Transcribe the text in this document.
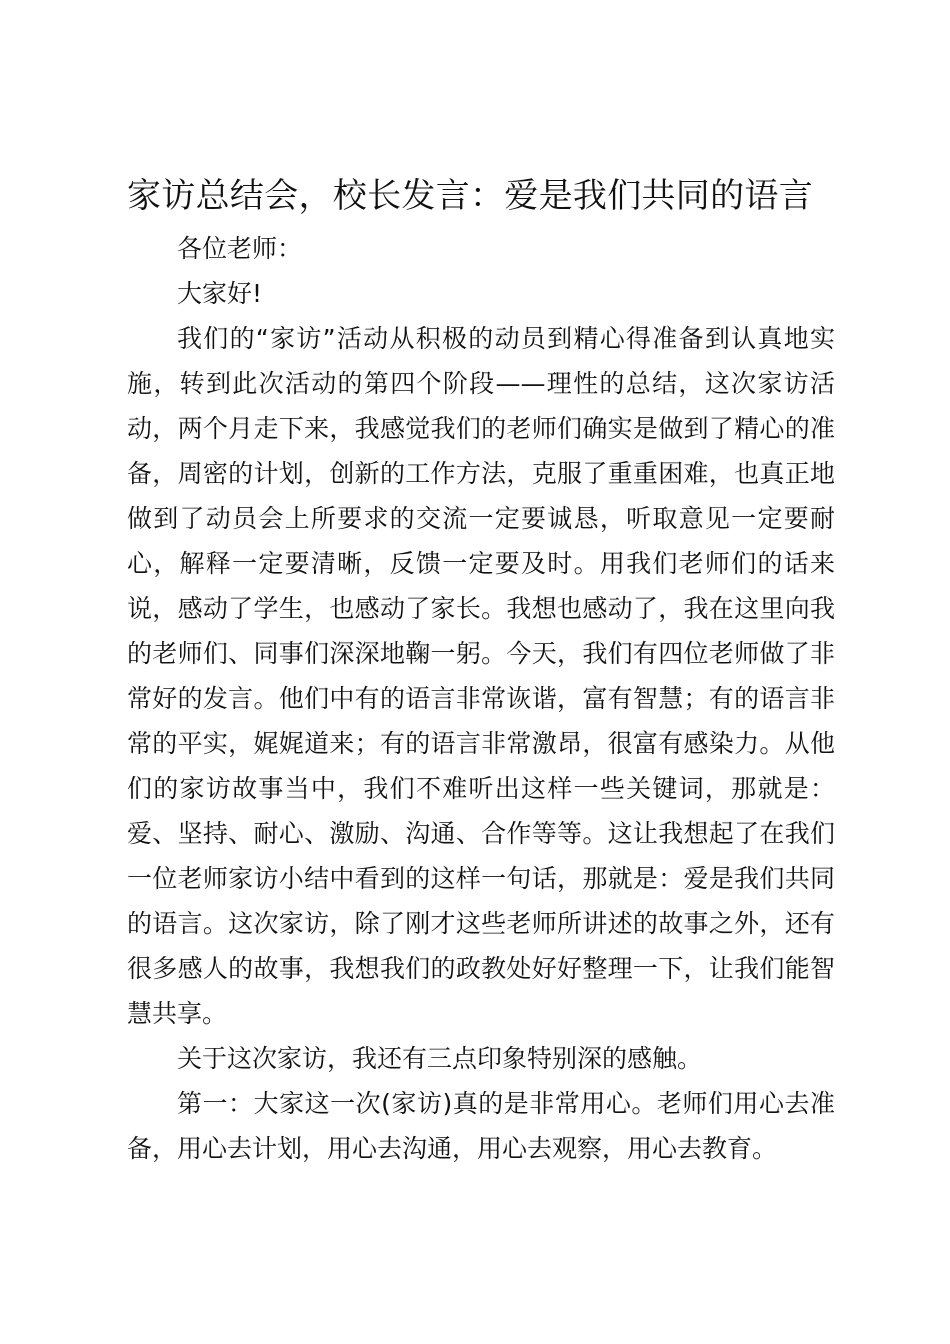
家访总结会，校长发言：爱是我们共同的语言

各位老师：

大家好!

我们的“家访”活动从积极的动员到精心得准备到认真地实施，转到此次活动的第四个阶段——理性的总结，这次家访活动，两个月走下来，我感觉我们的老师们确实是做到了精心的准备，周密的计划，创新的工作方法，克服了重重困难，也真正地做到了动员会上所要求的交流一定要诚恳，听取意见一定要耐心，解释一定要清晰，反馈一定要及时。用我们老师们的话来说，感动了学生，也感动了家长。我想也感动了，我在这里向我的老师们、同事们深深地鞠一躬。今天，我们有四位老师做了非常好的发言。他们中有的语言非常诙谐，富有智慧；有的语言非常的平实，娓娓道来；有的语言非常激昂，很富有感染力。从他们的家访故事当中，我们不难听出这样一些关键词，那就是：爱、坚持、耐心、激励、沟通、合作等等。这让我想起了在我们一位老师家访小结中看到的这样一句话，那就是：爱是我们共同的语言。这次家访，除了刚才这些老师所讲述的故事之外，还有很多感人的故事，我想我们的政教处好好整理一下，让我们能智慧共享。

关于这次家访，我还有三点印象特别深的感触。

第一：大家这一次(家访)真的是非常用心。老师们用心去准备，用心去计划，用心去沟通，用心去观察，用心去教育。
